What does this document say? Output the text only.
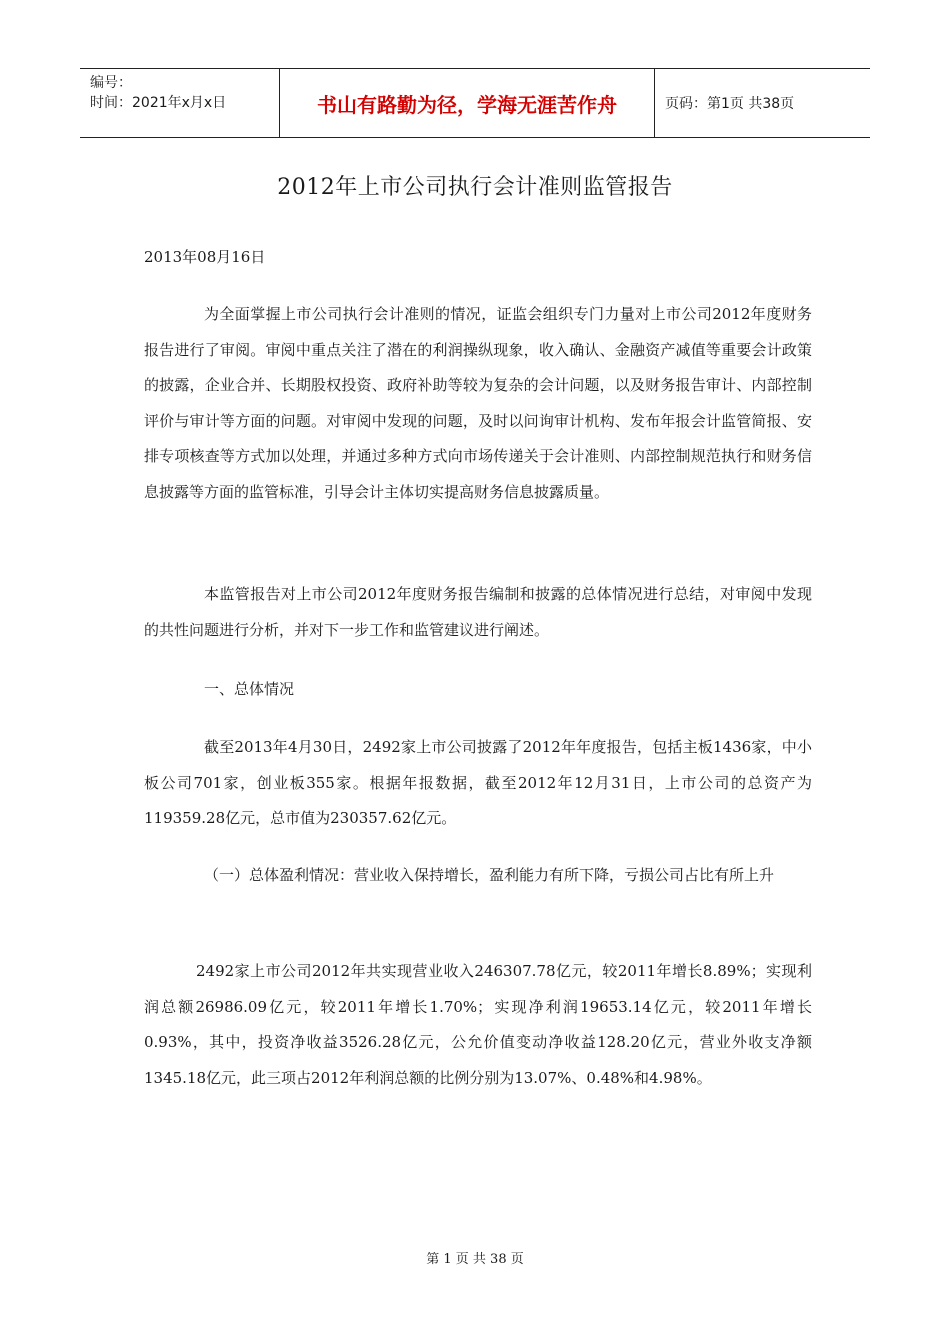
编号：
时间：2021年x月x日	书山有路勤为径，学海无涯苦作舟	页码：第1页 共38页
2012年上市公司执行会计准则监管报告
2013年08月16日

为全面掌握上市公司执行会计准则的情况，证监会组织专门力量对上市公司2012年度财务报告进行了审阅。审阅中重点关注了潜在的利润操纵现象，收入确认、金融资产减值等重要会计政策的披露，企业合并、长期股权投资、政府补助等较为复杂的会计问题，以及财务报告审计、内部控制评价与审计等方面的问题。对审阅中发现的问题，及时以问询审计机构、发布年报会计监管简报、安排专项核查等方式加以处理，并通过多种方式向市场传递关于会计准则、内部控制规范执行和财务信息披露等方面的监管标准，引导会计主体切实提高财务信息披露质量。

本监管报告对上市公司2012年度财务报告编制和披露的总体情况进行总结，对审阅中发现的共性问题进行分析，并对下一步工作和监管建议进行阐述。

一、总体情况

截至2013年4月30日，2492家上市公司披露了2012年年度报告，包括主板1436家，中小板公司701家，创业板355家。根据年报数据，截至2012年12月31日，上市公司的总资产为119359.28亿元，总市值为230357.62亿元。

（一）总体盈利情况：营业收入保持增长，盈利能力有所下降，亏损公司占比有所上升

2492家上市公司2012年共实现营业收入246307.78亿元，较2011年增长8.89%；实现利润总额26986.09亿元，较2011年增长1.70%；实现净利润19653.14亿元，较2011年增长0.93%，其中，投资净收益3526.28亿元，公允价值变动净收益128.20亿元，营业外收支净额1345.18亿元，此三项占2012年利润总额的比例分别为13.07%、0.48%和4.98%。

第 1 页 共 38 页
